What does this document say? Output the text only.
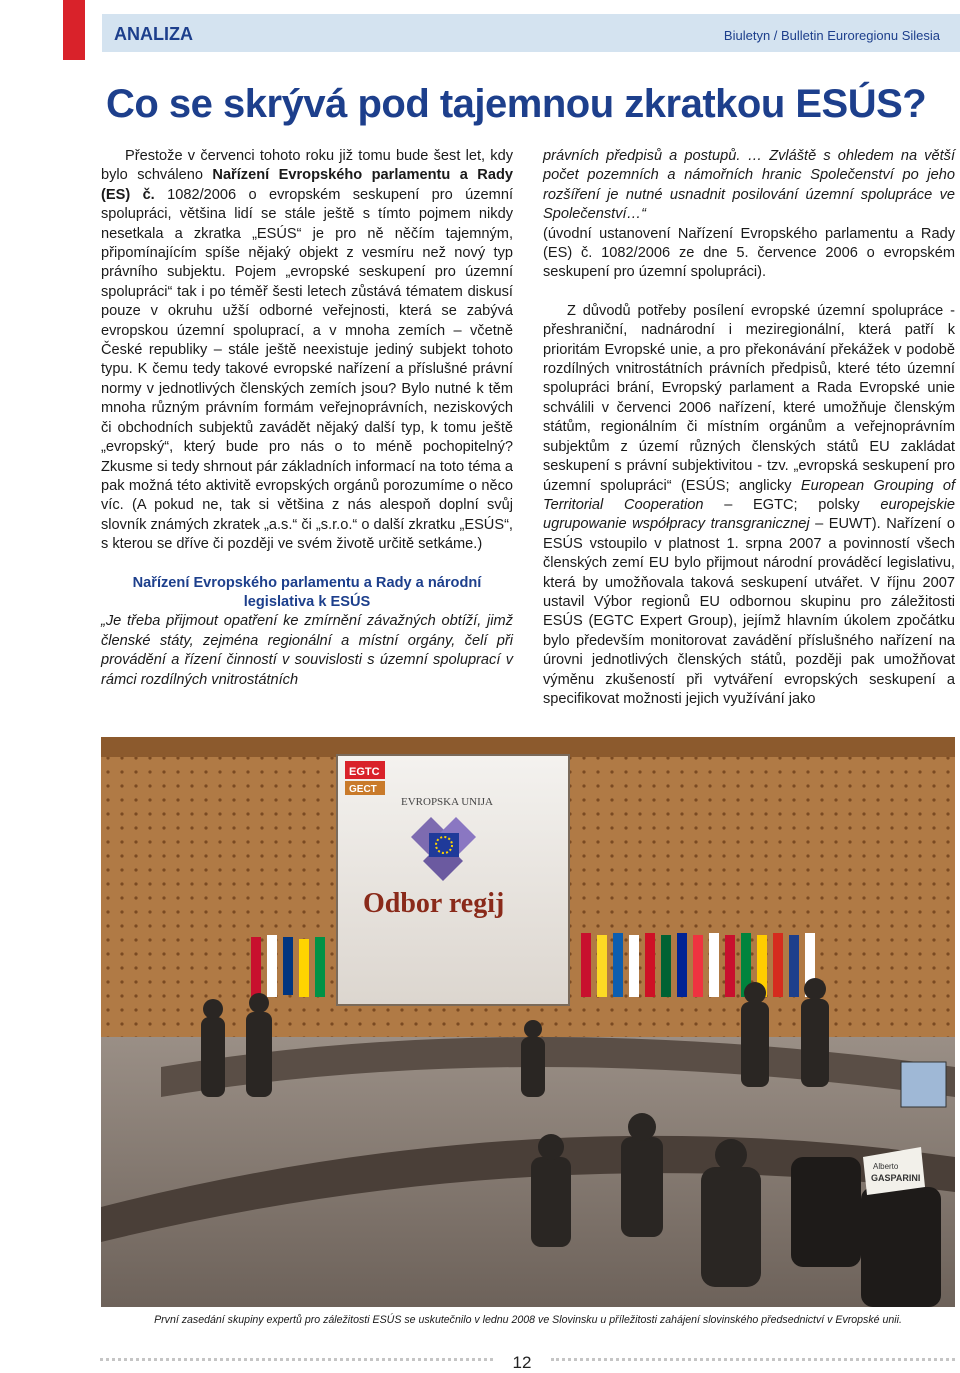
ANALIZA	Biuletyn / Bulletin Euroregionu Silesia
Co se skrývá pod tajemnou zkratkou ESÚS?

Přestože v červenci tohoto roku již tomu bude šest let, kdy bylo schváleno Nařízení Evropského parlamentu a Rady (ES) č. 1082/2006 o evropském seskupení pro územní spolupráci, většina lidí se stále ještě s tímto pojmem nikdy nesetkala a zkratka „ESÚS“ je pro ně něčím tajemným, připomínajícím spíše nějaký objekt z vesmíru než nový typ právního subjektu. Pojem „evropské seskupení pro územní spolupráci“ tak i po téměř šesti letech zůstává tématem diskusí pouze v okruhu užší odborné veřejnosti, která se zabývá evropskou územní spoluprací, a v mnoha zemích – včetně České republiky – stále ještě neexistuje jediný subjekt tohoto typu. K čemu tedy takové evropské nařízení a příslušné právní normy v jednotlivých členských zemích jsou? Bylo nutné k těm mnoha různým právním formám veřejnoprávních, neziskových či obchodních subjektů zavádět nějaký další typ, k tomu ještě „evropský“, který bude pro nás o to méně pochopitelný? Zkusme si tedy shrnout pár základních informací na toto téma a pak možná této aktivitě evropských orgánů porozumíme o něco víc. (A pokud ne, tak si většina z nás alespoň doplní svůj slovník známých zkratek „a.s.“ či „s.r.o.“ o další zkratku „ESÚS“, s kterou se dříve či později ve svém životě určitě setkáme.)

Nařízení Evropského parlamentu a Rady a národní legislativa k ESÚS

„Je třeba přijmout opatření ke zmírnění závažných obtíží, jimž členské státy, zejména regionální a místní orgány, čelí při provádění a řízení činností v souvislosti s územní spoluprací v rámci rozdílných vnitrostátních

právních předpisů a postupů. … Zvláště s ohledem na větší počet pozemních a námořních hranic Společenství po jeho rozšíření je nutné usnadnit posilování územní spolupráce ve Společenství…“

(úvodní ustanovení Nařízení Evropského parlamentu a Rady (ES) č. 1082/2006 ze dne 5. července 2006 o evropském seskupení pro územní spolupráci).

Z důvodů potřeby posílení evropské územní spolupráce - přeshraniční, nadnárodní i meziregionální, která patří k prioritám Evropské unie, a pro překonávání překážek v podobě rozdílných vnitrostátních právních předpisů, které této územní spolupráci brání, Evropský parlament a Rada Evropské unie schválili v červenci 2006 nařízení, které umožňuje členským státům, regionálním či místním orgánům a veřejnoprávním subjektům z území různých členských států EU zakládat seskupení s právní subjektivitou - tzv. „evropská seskupení pro územní spolupráci“ (ESÚS; anglicky European Grouping of Territorial Cooperation – EGTC; polsky europejskie ugrupowanie współpracy transgranicznej – EUWT). Nařízení o ESÚS vstoupilo v platnost 1. srpna 2007 a povinností všech členských zemí EU bylo přijmout národní prováděcí legislativu, která by umožňovala taková seskupení utvářet. V říjnu 2007 ustavil Výbor regionů EU odbornou skupinu pro záležitosti ESÚS (EGTC Expert Group), jejímž hlavním úkolem zpočátku bylo především monitorovat zavádění příslušného nařízení na úrovni jednotlivých členských států, později pak umožňovat výměnu zkušeností při vytváření evropských seskupení a specifikovat možnosti jejich využívání jako

EGTC
GECT
EVROPSKA UNIJA
Odbor regij
Alberto
GASPARINI
První zasedání skupiny expertů pro záležitosti ESÚS se uskutečnilo v lednu 2008 ve Slovinsku u příležitosti zahájení slovinského předsednictví v Evropské unii.
12
